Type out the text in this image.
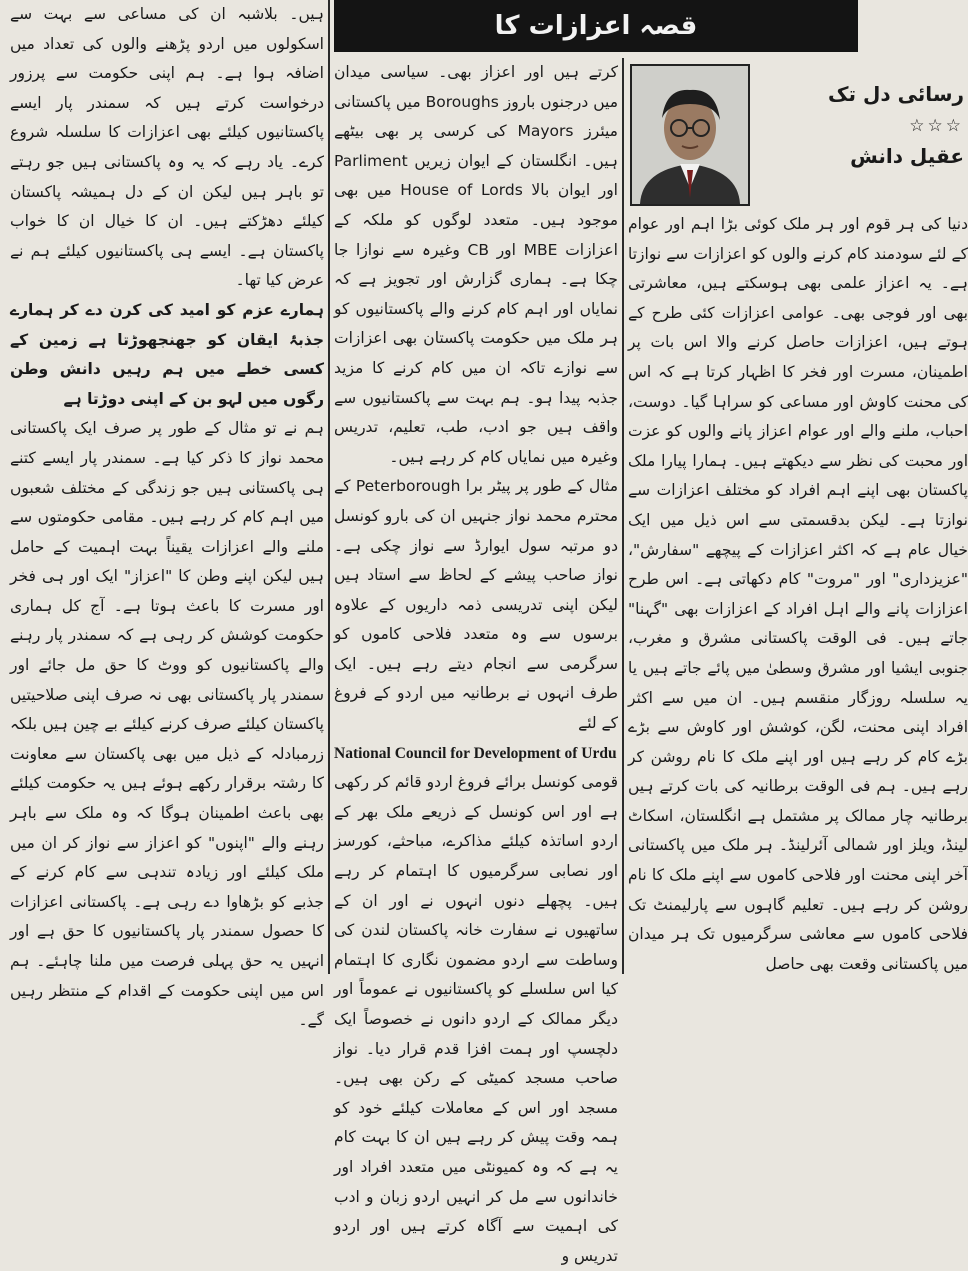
ہیں۔ بلاشبہ ان کی مساعی سے بہت سے اسکولوں میں اردو پڑھنے والوں کی تعداد میں اضافہ ہوا ہے۔ ہم اپنی حکومت سے پرزور درخواست کرتے ہیں کہ سمندر پار ایسے پاکستانیوں کیلئے بھی اعزازات کا سلسلہ شروع کرے۔ یاد رہے کہ یہ وہ پاکستانی ہیں جو رہتے تو باہر ہیں لیکن ان کے دل ہمیشہ پاکستان کیلئے دھڑکتے ہیں۔ ان کا خیال ان کا خواب پاکستان ہے۔ ایسے ہی پاکستانیوں کیلئے ہم نے عرض کیا تھا۔

ہمارے عزم کو امید کی کرن دے کر ہمارے جذبۂ ایقان کو جھنجھوڑتا ہے زمین کے کسی خطے میں ہم رہیں دانش وطن رگوں میں لہو بن کے اپنی دوڑتا ہے

ہم نے تو مثال کے طور پر صرف ایک پاکستانی محمد نواز کا ذکر کیا ہے۔ سمندر پار ایسے کتنے ہی پاکستانی ہیں جو زندگی کے مختلف شعبوں میں اہم کام کر رہے ہیں۔ مقامی حکومتوں سے ملنے والے اعزازات یقیناً بہت اہمیت کے حامل ہیں لیکن اپنے وطن کا "اعزاز" ایک اور ہی فخر اور مسرت کا باعث ہوتا ہے۔ آج کل ہماری حکومت کوشش کر رہی ہے کہ سمندر پار رہنے والے پاکستانیوں کو ووٹ کا حق مل جائے اور سمندر پار پاکستانی بھی نہ صرف اپنی صلاحیتیں پاکستان کیلئے صرف کرنے کیلئے بے چین ہیں بلکہ زرمبادلہ کے ذیل میں بھی پاکستان سے معاونت کا رشتہ برقرار رکھے ہوئے ہیں یہ حکومت کیلئے بھی باعث اطمینان ہوگا کہ وہ ملک سے باہر رہنے والے "اپنوں" کو اعزاز سے نواز کر ان میں ملک کیلئے اور زیادہ تندہی سے کام کرنے کے جذبے کو بڑھاوا دے رہی ہے۔ پاکستانی اعزازات کا حصول سمندر پار پاکستانیوں کا حق ہے اور انہیں یہ حق پہلی فرصت میں ملنا چاہئے۔ ہم اس میں اپنی حکومت کے اقدام کے منتظر رہیں گے۔

قصہ اعزازات کا

کرتے ہیں اور اعزاز بھی۔ سیاسی میدان میں درجنوں باروز Boroughs میں پاکستانی میئرز Mayors کی کرسی پر بھی بیٹھے ہیں۔ انگلستان کے ایوان زیریں Parliment اور ایوان بالا House of Lords میں بھی موجود ہیں۔ متعدد لوگوں کو ملکہ کے اعزازات MBE اور CB وغیرہ سے نوازا جا چکا ہے۔ ہماری گزارش اور تجویز ہے کہ نمایاں اور اہم کام کرنے والے پاکستانیوں کو ہر ملک میں حکومت پاکستان بھی اعزازات سے نوازے تاکہ ان میں کام کرنے کا مزید جذبہ پیدا ہو۔ ہم بہت سے پاکستانیوں سے واقف ہیں جو ادب، طب، تعلیم، تدریس وغیرہ میں نمایاں کام کر رہے ہیں۔

مثال کے طور پر پیٹر برا Peterborough کے محترم محمد نواز جنہیں ان کی بارو کونسل دو مرتبہ سول ایوارڈ سے نواز چکی ہے۔ نواز صاحب پیشے کے لحاظ سے استاد ہیں لیکن اپنی تدریسی ذمہ داریوں کے علاوہ برسوں سے وہ متعدد فلاحی کاموں کو سرگرمی سے انجام دیتے رہے ہیں۔ ایک طرف انہوں نے برطانیہ میں اردو کے فروغ کے لئے

National Council for Development of Urdu

قومی کونسل برائے فروغ اردو قائم کر رکھی ہے اور اس کونسل کے ذریعے ملک بھر کے اردو اساتذہ کیلئے مذاکرے، مباحثے، کورسز اور نصابی سرگرمیوں کا اہتمام کر رہے ہیں۔ پچھلے دنوں انہوں نے اور ان کے ساتھیوں نے سفارت خانہ پاکستان لندن کی وساطت سے اردو مضمون نگاری کا اہتمام کیا اس سلسلے کو پاکستانیوں نے عموماً اور دیگر ممالک کے اردو دانوں نے خصوصاً ایک دلچسپ اور ہمت افزا قدم قرار دیا۔ نواز صاحب مسجد کمیٹی کے رکن بھی ہیں۔ مسجد اور اس کے معاملات کیلئے خود کو ہمہ وقت پیش کر رہے ہیں ان کا بہت کام یہ ہے کہ وہ کمیونٹی میں متعدد افراد اور خاندانوں سے مل کر انہیں اردو زبان و ادب کی اہمیت سے آگاہ کرتے ہیں اور اردو تدریس و

رسائی دل تک
☆☆☆
عقیل دانش

دنیا کی ہر قوم اور ہر ملک کوئی بڑا اہم اور عوام کے لئے سودمند کام کرنے والوں کو اعزازات سے نوازتا ہے۔ یہ اعزاز علمی بھی ہوسکتے ہیں، معاشرتی بھی اور فوجی بھی۔ عوامی اعزازات کئی طرح کے ہوتے ہیں، اعزازات حاصل کرنے والا اس بات پر اطمینان، مسرت اور فخر کا اظہار کرتا ہے کہ اس کی محنت کاوش اور مساعی کو سراہا گیا۔ دوست، احباب، ملنے والے اور عوام اعزاز پانے والوں کو عزت اور محبت کی نظر سے دیکھتے ہیں۔ ہمارا پیارا ملک پاکستان بھی اپنے اہم افراد کو مختلف اعزازات سے نوازتا ہے۔ لیکن بدقسمتی سے اس ذیل میں ایک خیال عام ہے کہ اکثر اعزازات کے پیچھے "سفارش"، "عزیزداری" اور "مروت" کام دکھاتی ہے۔ اس طرح اعزازات پانے والے اہل افراد کے اعزازات بھی "گہنا" جاتے ہیں۔ فی الوقت پاکستانی مشرق و مغرب، جنوبی ایشیا اور مشرق وسطیٰ میں پائے جاتے ہیں یا یہ سلسلہ روزگار منقسم ہیں۔ ان میں سے اکثر افراد اپنی محنت، لگن، کوشش اور کاوش سے بڑے بڑے کام کر رہے ہیں اور اپنے ملک کا نام روشن کر رہے ہیں۔ ہم فی الوقت برطانیہ کی بات کرتے ہیں برطانیہ چار ممالک پر مشتمل ہے انگلستان، اسکاٹ لینڈ، ویلز اور شمالی آئرلینڈ۔ ہر ملک میں پاکستانی آخر اپنی محنت اور فلاحی کاموں سے اپنے ملک کا نام روشن کر رہے ہیں۔ تعلیم گاہوں سے پارلیمنٹ تک فلاحی کاموں سے معاشی سرگرمیوں تک ہر میدان میں پاکستانی وقعت بھی حاصل
